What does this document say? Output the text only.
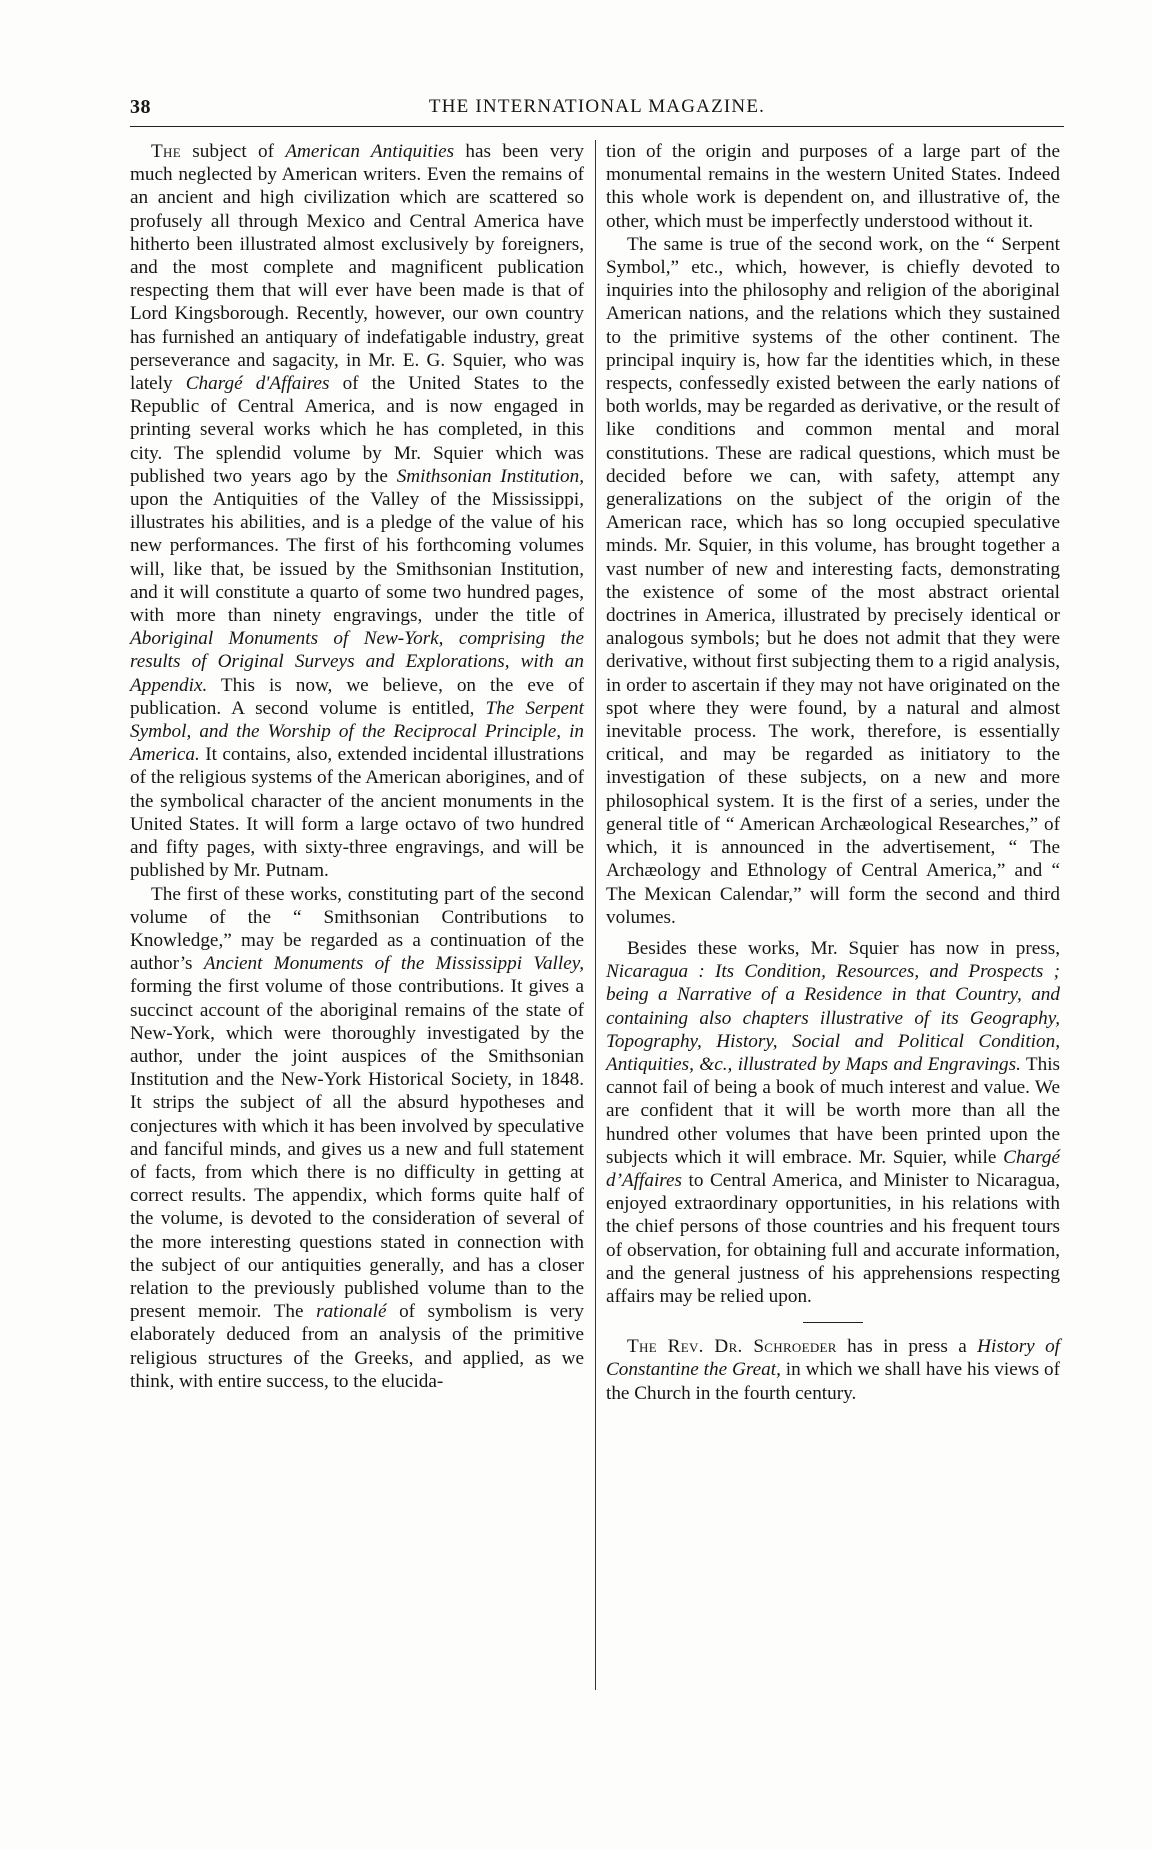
38	THE INTERNATIONAL MAGAZINE.

The subject of American Antiquities has been very much neglected by American writers. Even the remains of an ancient and high civilization which are scattered so profusely all through Mexico and Central America have hitherto been illustrated almost exclusively by foreigners, and the most complete and magnificent publication respecting them that will ever have been made is that of Lord Kingsborough. Recently, however, our own country has furnished an antiquary of indefatigable industry, great perseverance and sagacity, in Mr. E. G. Squier, who was lately Chargé d'Affaires of the United States to the Republic of Central America, and is now engaged in printing several works which he has completed, in this city. The splendid volume by Mr. Squier which was published two years ago by the Smithsonian Institution, upon the Antiquities of the Valley of the Mississippi, illustrates his abilities, and is a pledge of the value of his new performances. The first of his forthcoming volumes will, like that, be issued by the Smithsonian Institution, and it will constitute a quarto of some two hundred pages, with more than ninety engravings, under the title of Aboriginal Monuments of New-York, comprising the results of Original Surveys and Explorations, with an Appendix. This is now, we believe, on the eve of publication. A second volume is entitled, The Serpent Symbol, and the Worship of the Reciprocal Principle, in America. It contains, also, extended incidental illustrations of the religious systems of the American aborigines, and of the symbolical character of the ancient monuments in the United States. It will form a large octavo of two hundred and fifty pages, with sixty-three engravings, and will be published by Mr. Putnam.

The first of these works, constituting part of the second volume of the “ Smithsonian Contributions to Knowledge,” may be regarded as a continuation of the author’s Ancient Monuments of the Mississippi Valley, forming the first volume of those contributions. It gives a succinct account of the aboriginal remains of the state of New-York, which were thoroughly investigated by the author, under the joint auspices of the Smithsonian Institution and the New-York Historical Society, in 1848. It strips the subject of all the absurd hypotheses and conjectures with which it has been involved by speculative and fanciful minds, and gives us a new and full statement of facts, from which there is no difficulty in getting at correct results. The appendix, which forms quite half of the volume, is devoted to the consideration of several of the more interesting questions stated in connection with the subject of our antiquities generally, and has a closer relation to the previously published volume than to the present memoir. The rationalé of symbolism is very elaborately deduced from an analysis of the primitive religious structures of the Greeks, and applied, as we think, with entire success, to the elucida-

tion of the origin and purposes of a large part of the monumental remains in the western United States. Indeed this whole work is dependent on, and illustrative of, the other, which must be imperfectly understood without it.

The same is true of the second work, on the “ Serpent Symbol,” etc., which, however, is chiefly devoted to inquiries into the philosophy and religion of the aboriginal American nations, and the relations which they sustained to the primitive systems of the other continent. The principal inquiry is, how far the identities which, in these respects, confessedly existed between the early nations of both worlds, may be regarded as derivative, or the result of like conditions and common mental and moral constitutions. These are radical questions, which must be decided before we can, with safety, attempt any generalizations on the subject of the origin of the American race, which has so long occupied speculative minds. Mr. Squier, in this volume, has brought together a vast number of new and interesting facts, demonstrating the existence of some of the most abstract oriental doctrines in America, illustrated by precisely identical or analogous symbols; but he does not admit that they were derivative, without first subjecting them to a rigid analysis, in order to ascertain if they may not have originated on the spot where they were found, by a natural and almost inevitable process. The work, therefore, is essentially critical, and may be regarded as initiatory to the investigation of these subjects, on a new and more philosophical system. It is the first of a series, under the general title of “ American Archæological Researches,” of which, it is announced in the advertisement, “ The Archæology and Ethnology of Central America,” and “ The Mexican Calendar,” will form the second and third volumes.

Besides these works, Mr. Squier has now in press, Nicaragua : Its Condition, Resources, and Prospects ; being a Narrative of a Residence in that Country, and containing also chapters illustrative of its Geography, Topography, History, Social and Political Condition, Antiquities, &c., illustrated by Maps and Engravings. This cannot fail of being a book of much interest and value. We are confident that it will be worth more than all the hundred other volumes that have been printed upon the subjects which it will embrace. Mr. Squier, while Chargé d’Affaires to Central America, and Minister to Nicaragua, enjoyed extraordinary opportunities, in his relations with the chief persons of those countries and his frequent tours of observation, for obtaining full and accurate information, and the general justness of his apprehensions respecting affairs may be relied upon.

The Rev. Dr. Schroeder has in press a History of Constantine the Great, in which we shall have his views of the Church in the fourth century.
